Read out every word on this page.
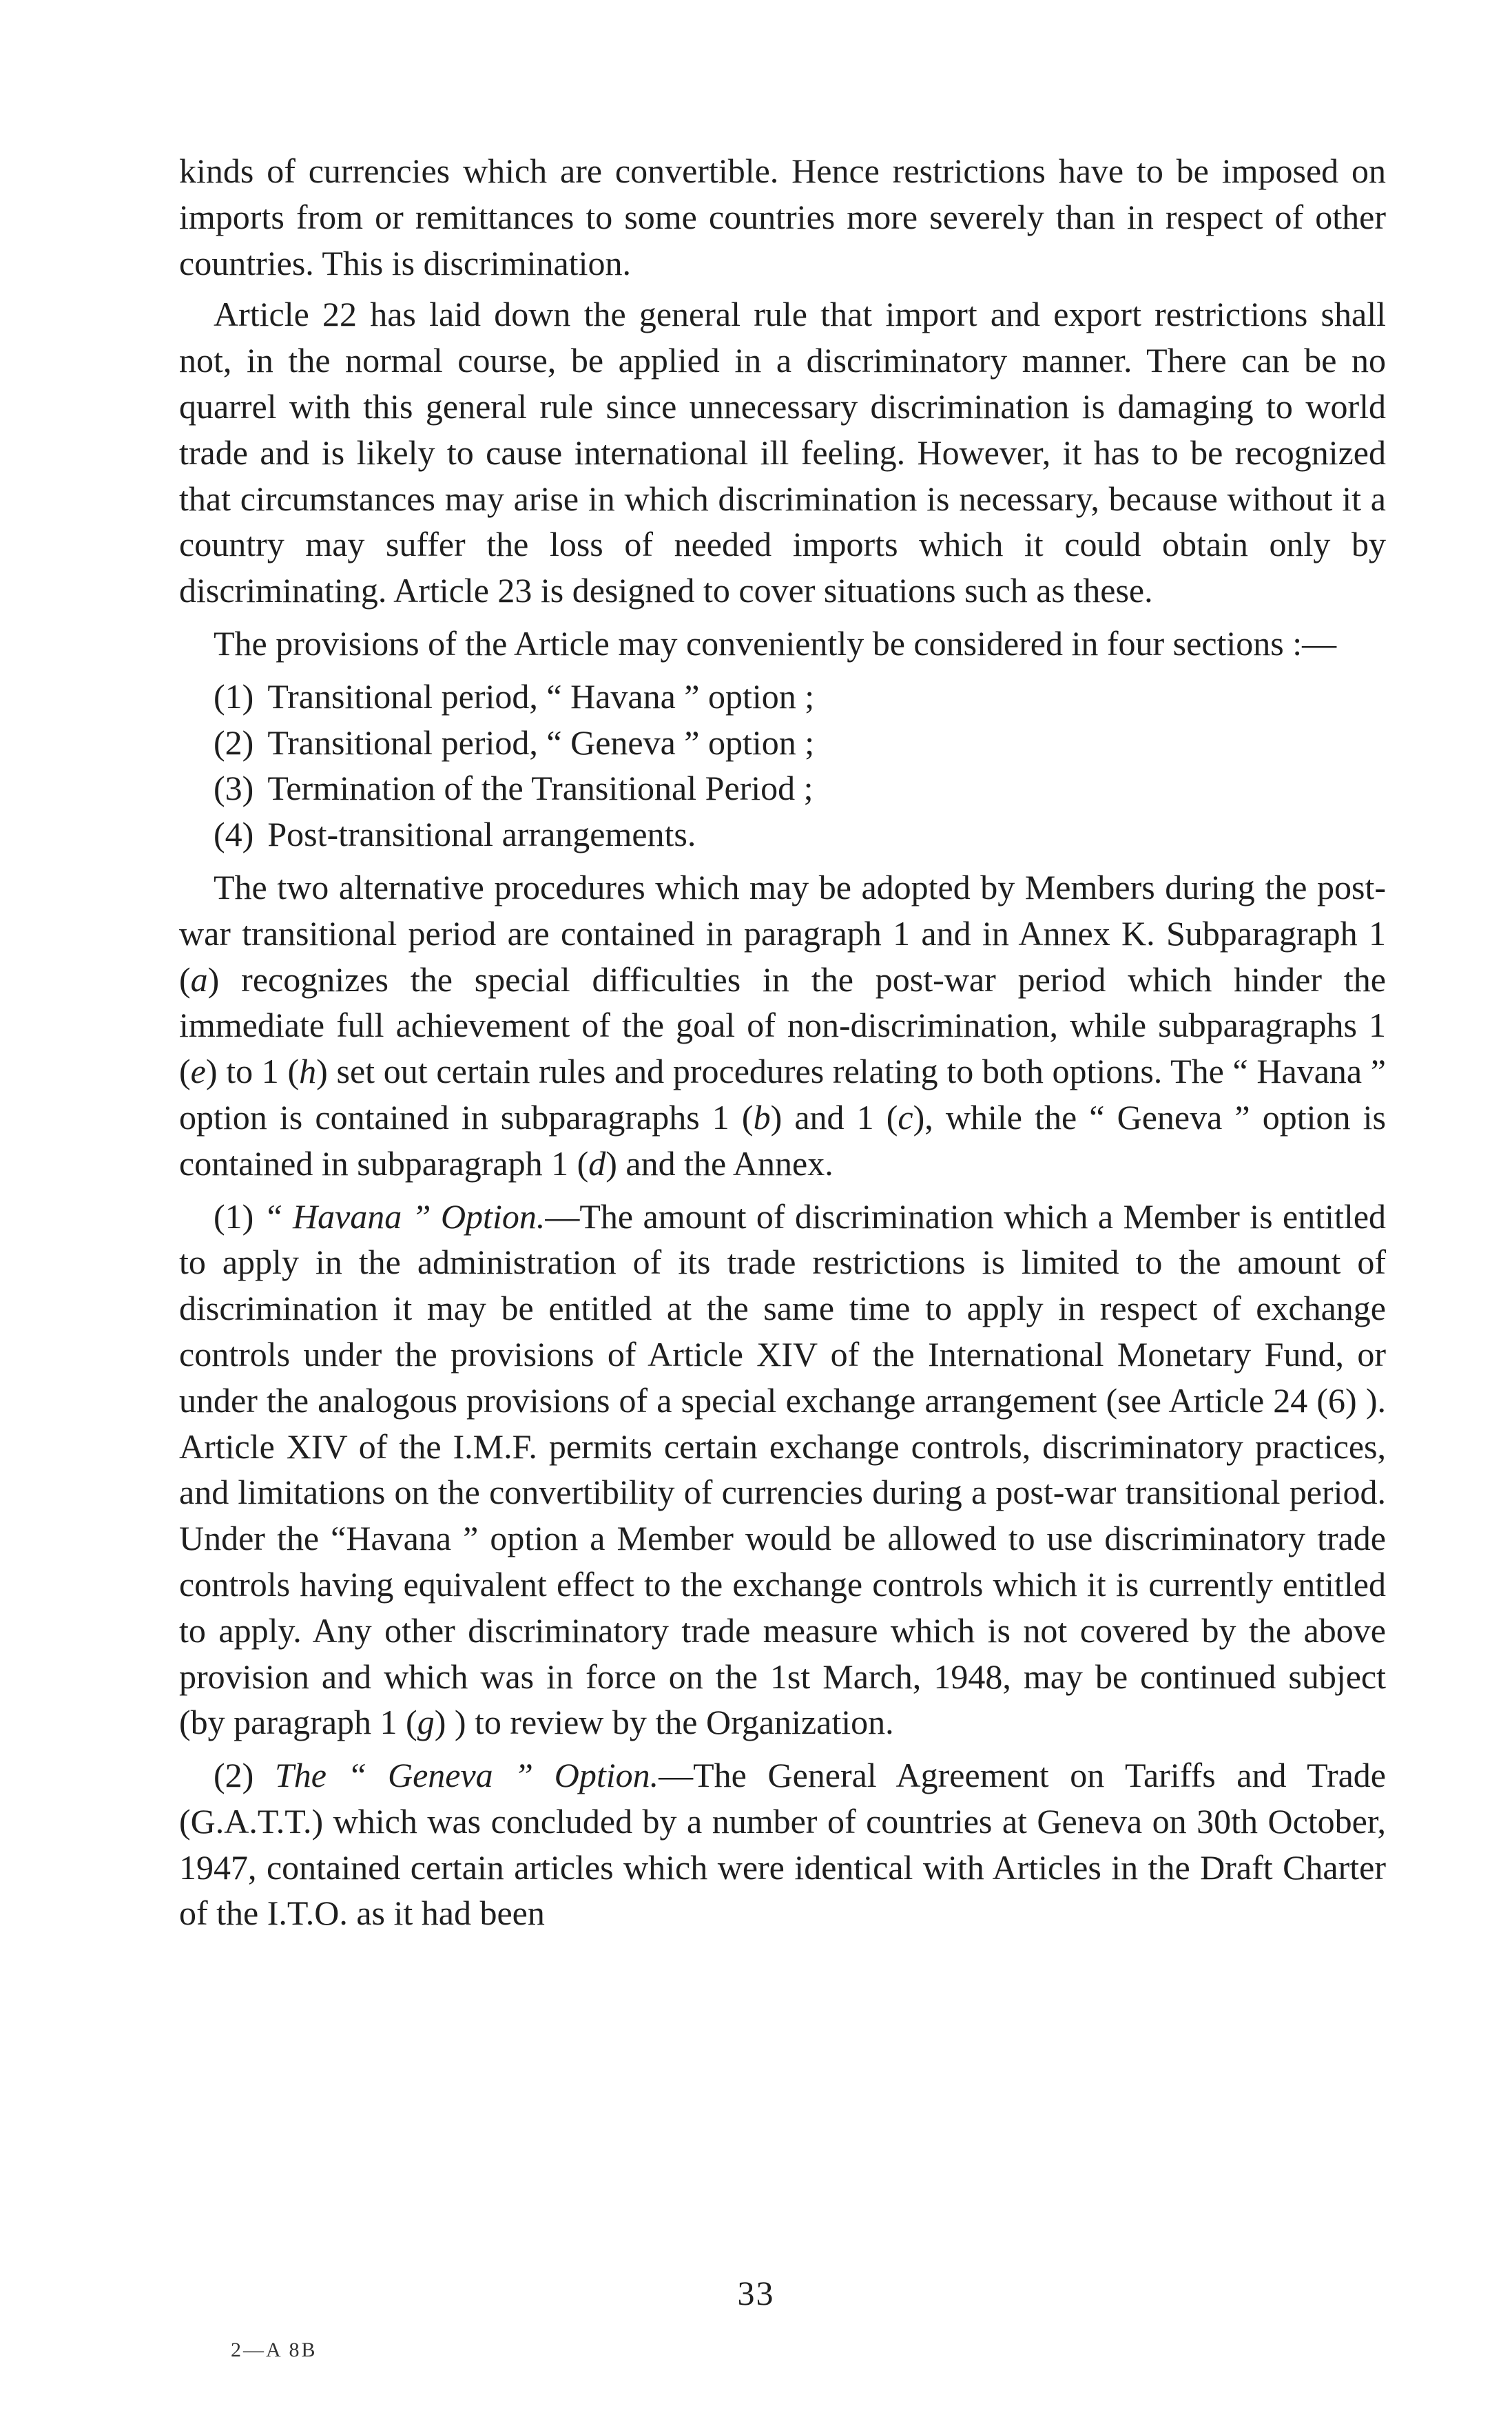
kinds of currencies which are convertible. Hence restrictions have to be imposed on imports from or remittances to some countries more severely than in respect of other countries. This is discrimination.

Article 22 has laid down the general rule that import and export restrictions shall not, in the normal course, be applied in a discriminatory manner. There can be no quarrel with this general rule since unnecessary discrimination is damaging to world trade and is likely to cause international ill feeling. However, it has to be recognized that circumstances may arise in which discrimination is necessary, because without it a country may suffer the loss of needed imports which it could obtain only by discriminating. Article 23 is designed to cover situations such as these.

The provisions of the Article may conveniently be considered in four sections :—

(1) Transitional period, “ Havana ” option ;
(2) Transitional period, “ Geneva ” option ;
(3) Termination of the Transitional Period ;
(4) Post-transitional arrangements.

The two alternative procedures which may be adopted by Members during the post-war transitional period are contained in paragraph 1 and in Annex K. Subparagraph 1 (a) recognizes the special difficulties in the post-war period which hinder the immediate full achievement of the goal of non-discrimination, while subparagraphs 1 (e) to 1 (h) set out certain rules and procedures relating to both options. The “ Havana ” option is contained in subparagraphs 1 (b) and 1 (c), while the “ Geneva ” option is contained in subparagraph 1 (d) and the Annex.

(1) “ Havana ” Option.—The amount of discrimination which a Member is entitled to apply in the administration of its trade restrictions is limited to the amount of discrimination it may be entitled at the same time to apply in respect of exchange controls under the provisions of Article XIV of the International Monetary Fund, or under the analogous provisions of a special exchange arrangement (see Article 24 (6) ). Article XIV of the I.M.F. permits certain exchange controls, discriminatory practices, and limitations on the convertibility of currencies during a post-war transitional period. Under the “Havana ” option a Member would be allowed to use discriminatory trade controls having equivalent effect to the exchange controls which it is currently entitled to apply. Any other discriminatory trade measure which is not covered by the above provision and which was in force on the 1st March, 1948, may be continued subject (by paragraph 1 (g) ) to review by the Organization.

(2) The “ Geneva ” Option.—The General Agreement on Tariffs and Trade (G.A.T.T.) which was concluded by a number of countries at Geneva on 30th October, 1947, contained certain articles which were identical with Articles in the Draft Charter of the I.T.O. as it had been

33
2—A 8B
